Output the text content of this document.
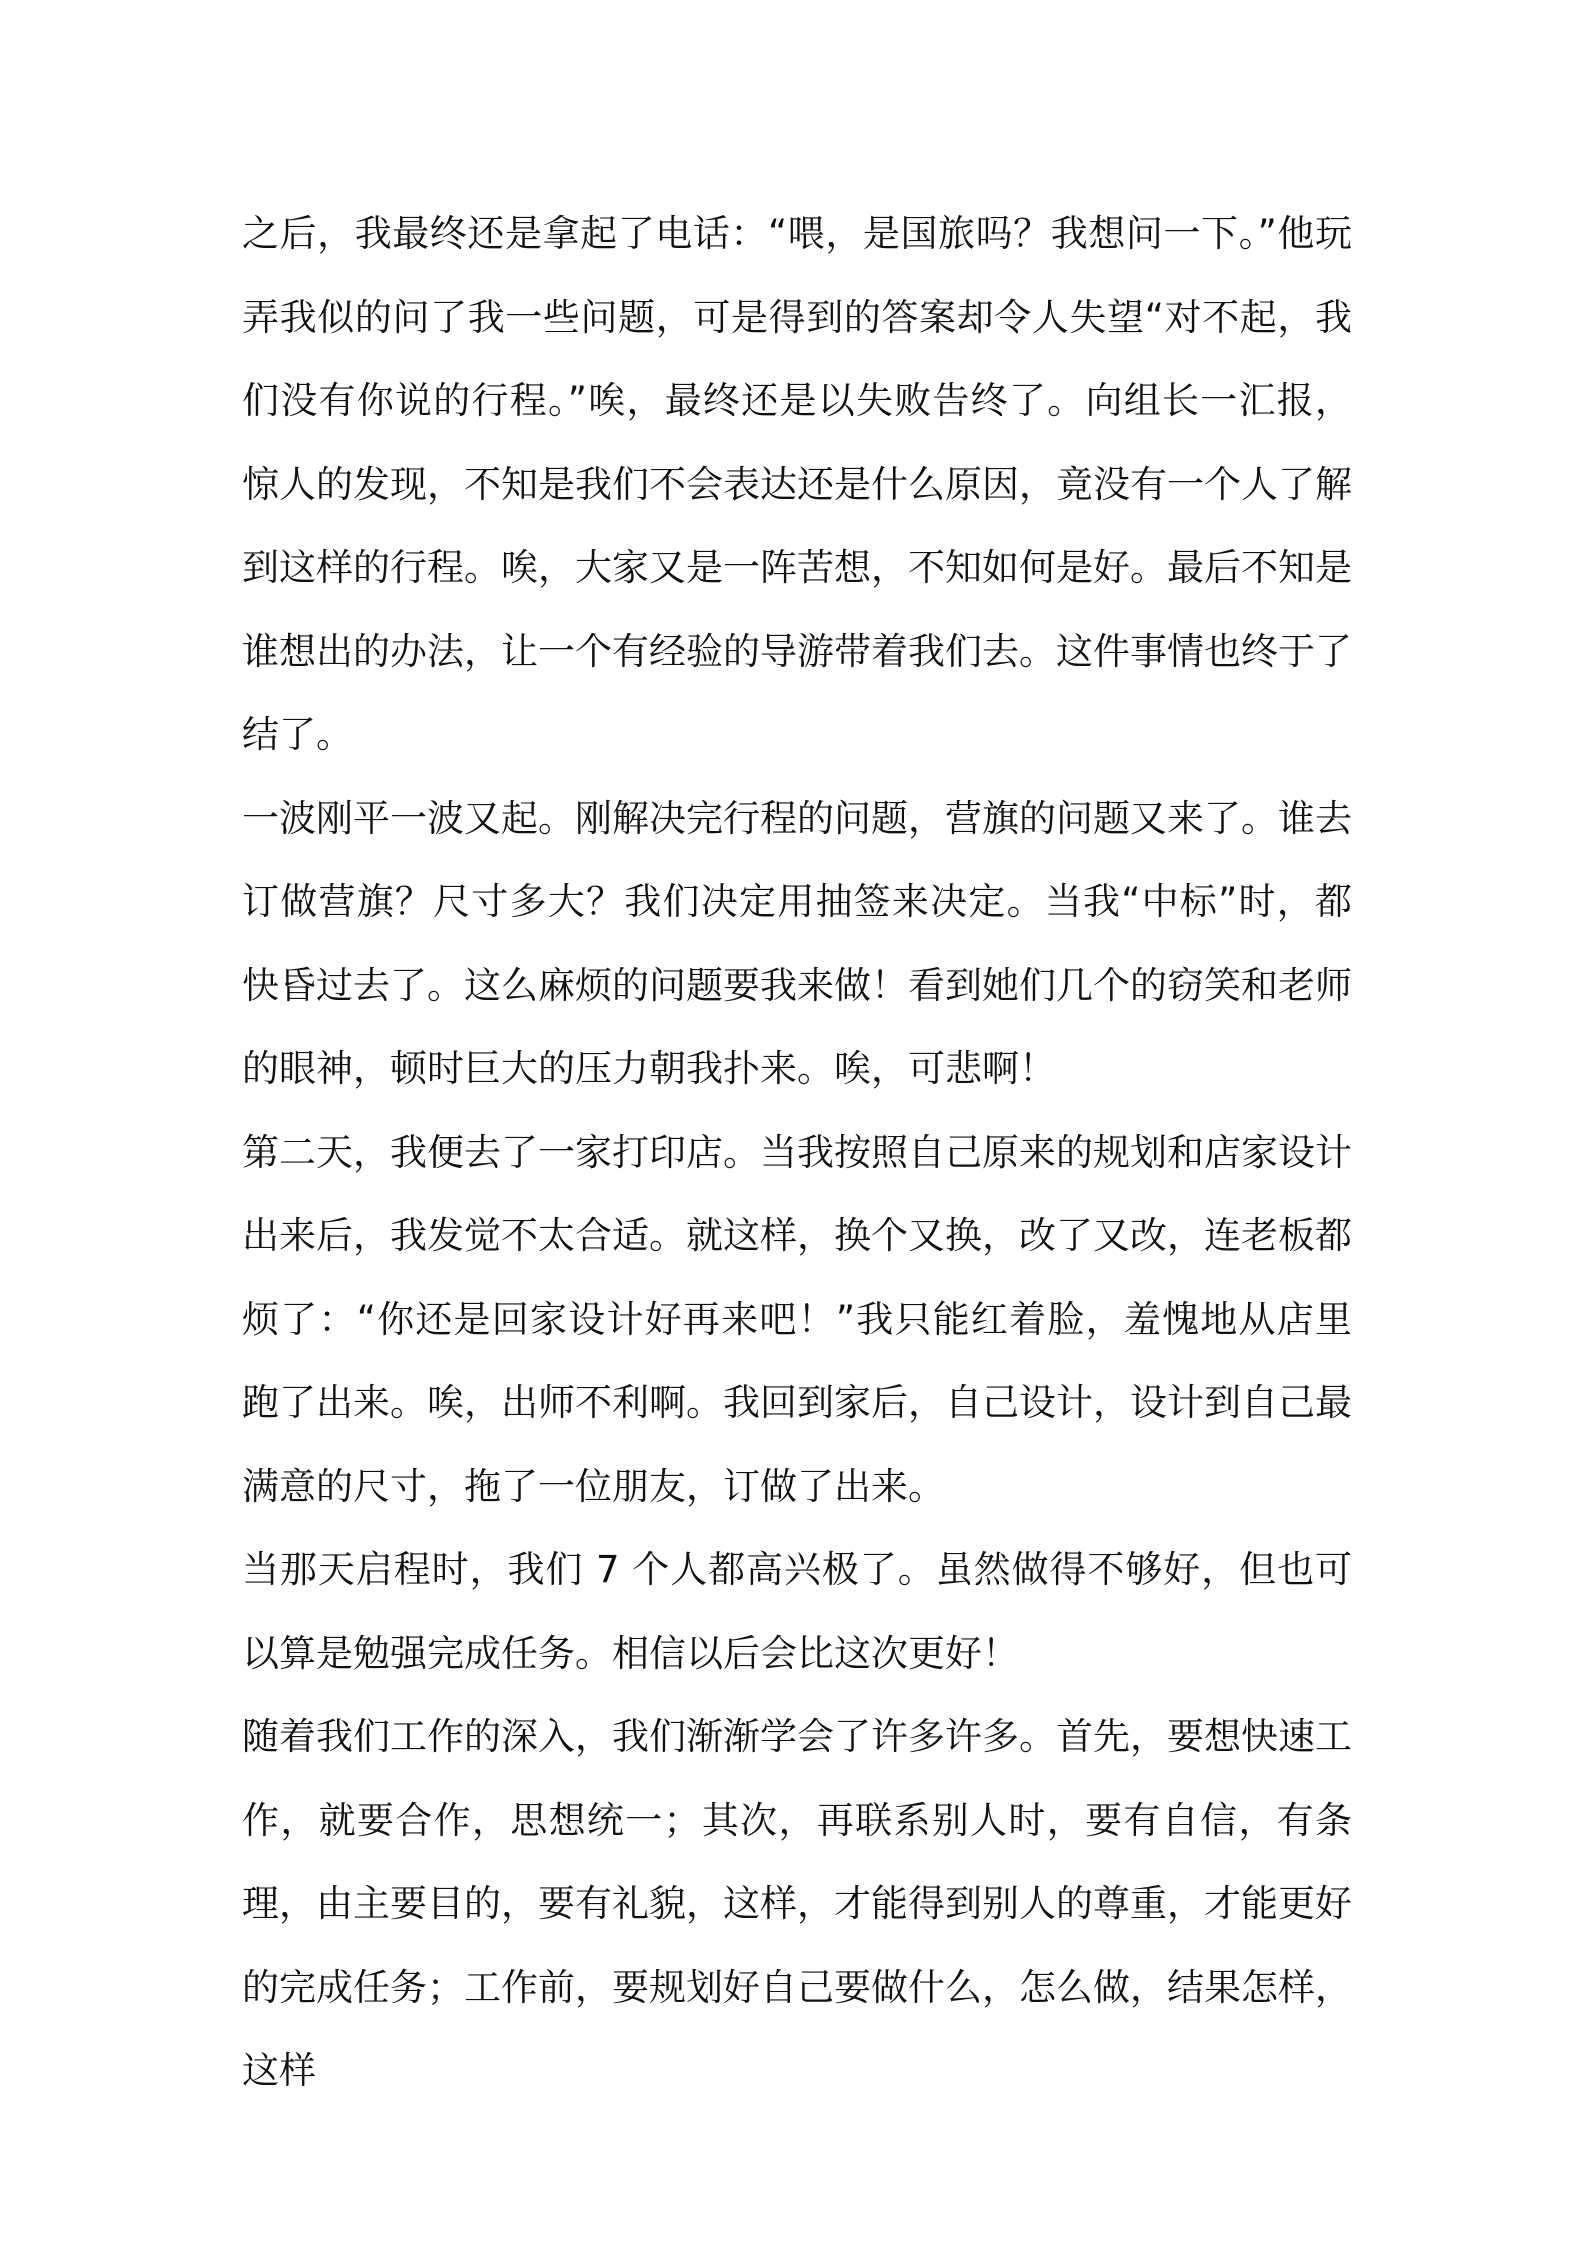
之后，我最终还是拿起了电话：“喂，是国旅吗？我想问一下。”他玩弄我似的问了我一些问题，可是得到的答案却令人失望“对不起，我们没有你说的行程。”唉，最终还是以失败告终了。向组长一汇报，惊人的发现，不知是我们不会表达还是什么原因，竟没有一个人了解到这样的行程。唉，大家又是一阵苦想，不知如何是好。最后不知是谁想出的办法，让一个有经验的导游带着我们去。这件事情也终于了结了。

一波刚平一波又起。刚解决完行程的问题，营旗的问题又来了。谁去订做营旗？尺寸多大？我们决定用抽签来决定。当我“中标”时，都快昏过去了。这么麻烦的问题要我来做！看到她们几个的窃笑和老师的眼神，顿时巨大的压力朝我扑来。唉，可悲啊！

第二天，我便去了一家打印店。当我按照自己原来的规划和店家设计出来后，我发觉不太合适。就这样，换个又换，改了又改，连老板都烦了：“你还是回家设计好再来吧！”我只能红着脸，羞愧地从店里跑了出来。唉，出师不利啊。我回到家后，自己设计，设计到自己最满意的尺寸，拖了一位朋友，订做了出来。

当那天启程时，我们 7 个人都高兴极了。虽然做得不够好，但也可以算是勉强完成任务。相信以后会比这次更好！

随着我们工作的深入，我们渐渐学会了许多许多。首先，要想快速工作，就要合作，思想统一；其次，再联系别人时，要有自信，有条理，由主要目的，要有礼貌，这样，才能得到别人的尊重，才能更好的完成任务；工作前，要规划好自己要做什么，怎么做，结果怎样，这样
